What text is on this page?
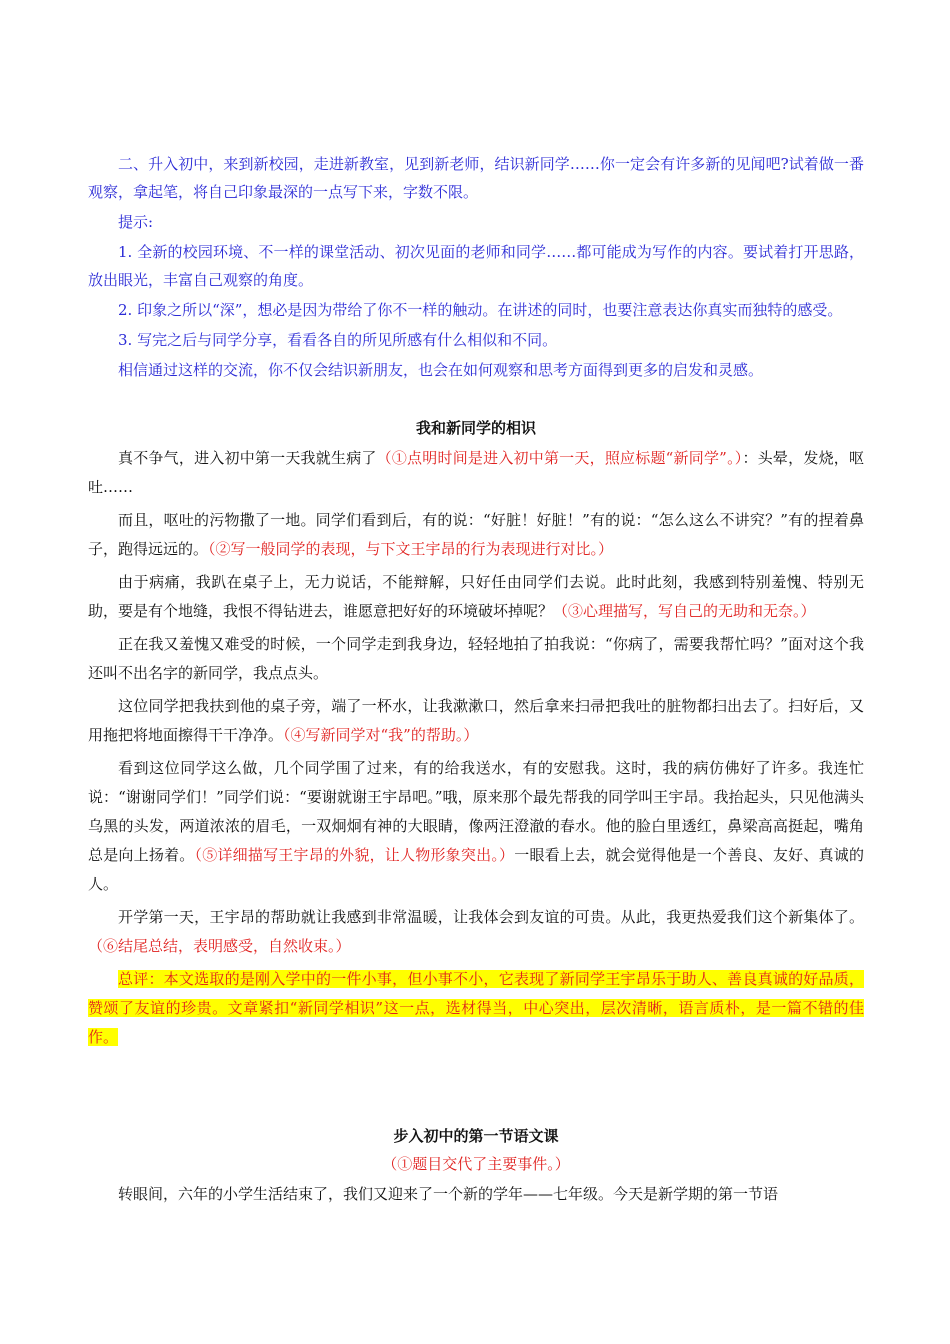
二、升入初中，来到新校园，走进新教室，见到新老师，结识新同学……你一定会有许多新的见闻吧?试着做一番观察，拿起笔，将自己印象最深的一点写下来，字数不限。

提示:

1. 全新的校园环境、不一样的课堂活动、初次见面的老师和同学……都可能成为写作的内容。要试着打开思路，放出眼光，丰富自己观察的角度。

2. 印象之所以“深”，想必是因为带给了你不一样的触动。在讲述的同时，也要注意表达你真实而独特的感受。

3. 写完之后与同学分享，看看各自的所见所感有什么相似和不同。

相信通过这样的交流，你不仅会结识新朋友，也会在如何观察和思考方面得到更多的启发和灵感。

我和新同学的相识

真不争气，进入初中第一天我就生病了（①点明时间是进入初中第一天，照应标题“新同学”。）：头晕，发烧，呕吐……

而且，呕吐的污物撒了一地。同学们看到后，有的说：“好脏！好脏！”有的说：“怎么这么不讲究？”有的捏着鼻子，跑得远远的。（②写一般同学的表现，与下文王宇昂的行为表现进行对比。）

由于病痛，我趴在桌子上，无力说话，不能辩解，只好任由同学们去说。此时此刻，我感到特别羞愧、特别无助，要是有个地缝，我恨不得钻进去，谁愿意把好好的环境破坏掉呢？（③心理描写，写自己的无助和无奈。）

正在我又羞愧又难受的时候，一个同学走到我身边，轻轻地拍了拍我说：“你病了，需要我帮忙吗？”面对这个我还叫不出名字的新同学，我点点头。

这位同学把我扶到他的桌子旁，端了一杯水，让我漱漱口，然后拿来扫帚把我吐的脏物都扫出去了。扫好后，又用拖把将地面擦得干干净净。（④写新同学对“我”的帮助。）

看到这位同学这么做，几个同学围了过来，有的给我送水，有的安慰我。这时，我的病仿佛好了许多。我连忙说：“谢谢同学们！”同学们说：“要谢就谢王宇昂吧。”哦，原来那个最先帮我的同学叫王宇昂。我抬起头，只见他满头乌黑的头发，两道浓浓的眉毛，一双炯炯有神的大眼睛，像两汪澄澈的春水。他的脸白里透红，鼻梁高高挺起，嘴角总是向上扬着。（⑤详细描写王宇昂的外貌，让人物形象突出。）一眼看上去，就会觉得他是一个善良、友好、真诚的人。

开学第一天，王宇昂的帮助就让我感到非常温暖，让我体会到友谊的可贵。从此，我更热爱我们这个新集体了。（⑥结尾总结，表明感受，自然收束。）

总评：本文选取的是刚入学中的一件小事，但小事不小，它表现了新同学王宇昂乐于助人、善良真诚的好品质，赞颂了友谊的珍贵。文章紧扣“新同学相识”这一点，选材得当，中心突出，层次清晰，语言质朴，是一篇不错的佳作。

步入初中的第一节语文课

（①题目交代了主要事件。）

转眼间，六年的小学生活结束了，我们又迎来了一个新的学年——七年级。今天是新学期的第一节语
